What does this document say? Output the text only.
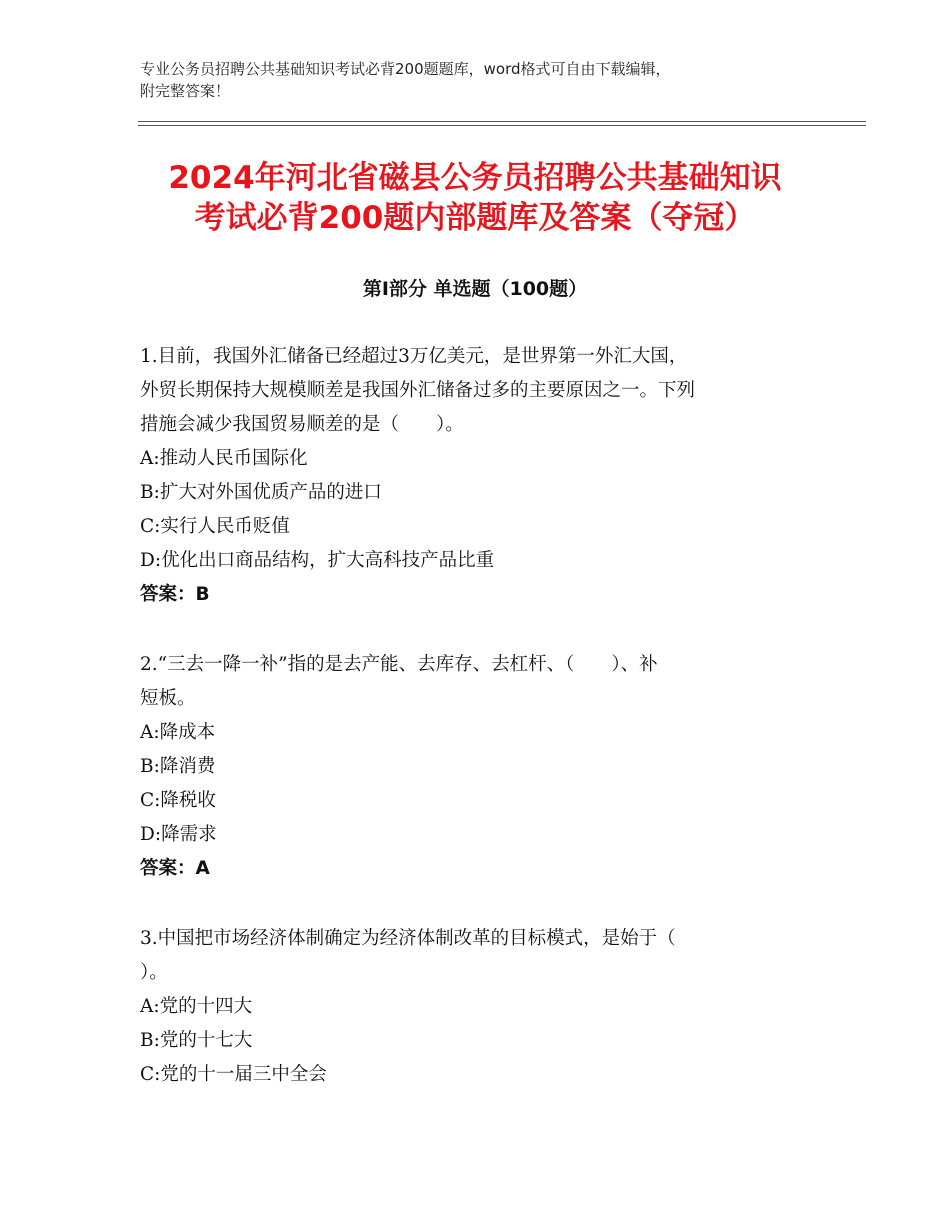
专业公务员招聘公共基础知识考试必背200题题库，word格式可自由下载编辑，
附完整答案！
2024年河北省磁县公务员招聘公共基础知识
考试必背200题内部题库及答案（夺冠）
第Ⅰ部分 单选题（100题）
1.目前，我国外汇储备已经超过3万亿美元，是世界第一外汇大国，
外贸长期保持大规模顺差是我国外汇储备过多的主要原因之一。下列
措施会减少我国贸易顺差的是（　　）。
A:推动人民币国际化
B:扩大对外国优质产品的进口
C:实行人民币贬值
D:优化出口商品结构，扩大高科技产品比重
答案：B
2.“三去一降一补”指的是去产能、去库存、去杠杆、（　　）、补
短板。
A:降成本
B:降消费
C:降税收
D:降需求
答案：A
3.中国把市场经济体制确定为经济体制改革的目标模式，是始于（
）。
A:党的十四大
B:党的十七大
C:党的十一届三中全会
